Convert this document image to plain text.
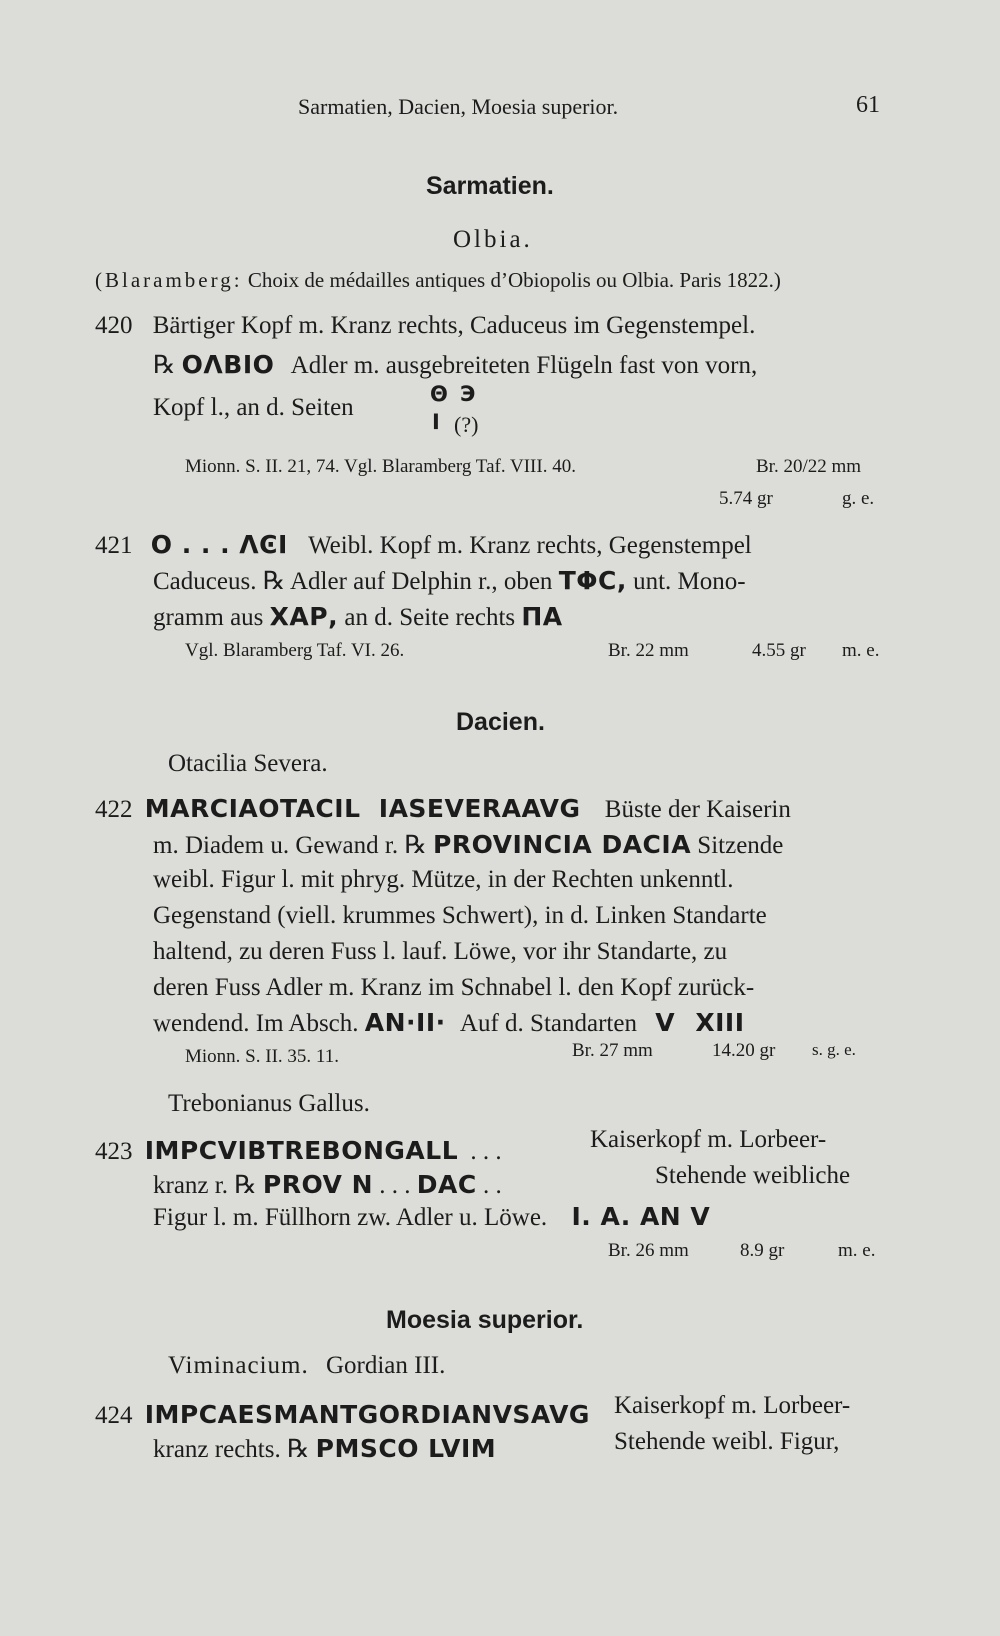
Sarmatien, Dacien, Moesia superior.	61
Sarmatien.
Olbia.
(Blaramberg: Choix de médailles antiques d’Obiopolis ou Olbia. Paris 1822.)
420 Bärtiger Kopf m. Kranz rechts, Caduceus im Gegenstempel.
℞ ΟΛΒΙΟ Adler m. ausgebreiteten Flügeln fast von vorn,
Kopf l., an d. Seiten	Θ Э
Ι (?)
Mionn. S. II. 21, 74. Vgl. Blaramberg Taf. VIII. 40.	Br. 20/22 mm
5.74 gr	g. e.
421 Ο . . . ΛϾΙ Weibl. Kopf m. Kranz rechts, Gegenstempel
Caduceus. ℞ Adler auf Delphin r., oben ΤΦϹ, unt. Mono-
gramm aus ΧΑΡ, an d. Seite rechts ΠΑ
Vgl. Blaramberg Taf. VI. 26.	Br. 22 mm	4.55 gr m. e.
Dacien.
Otacilia Severa.
422 MARCIAOTACIL IASEVERAAVG Büste der Kaiserin
m. Diadem u. Gewand r. ℞ PROVINCIA DACIA Sitzende
weibl. Figur l. mit phryg. Mütze, in der Rechten unkenntl.
Gegenstand (viell. krummes Schwert), in d. Linken Standarte
haltend, zu deren Fuss l. lauf. Löwe, vor ihr Standarte, zu
deren Fuss Adler m. Kranz im Schnabel l. den Kopf zurück-
wendend. Im Absch. AN·II· Auf d. Standarten V XIII
Mionn. S. II. 35. 11.	Br. 27 mm	14.20 gr s. g. e.
Trebonianus Gallus.
423 IMPCVIBTREBONGALL . . .	Kaiserkopf m. Lorbeer-
kranz r. ℞ PROV N . . . DAC . .	Stehende weibliche
Figur l. m. Füllhorn zw. Adler u. Löwe. I. A. AN V
Br. 26 mm	8.9 gr	m. e.
Moesia superior.
Viminacium. Gordian III.
424 IMPCAESMANTGORDIANVSAVG Kaiserkopf m. Lorbeer-
kranz rechts. ℞ PMSCO LVIM	Stehende weibl. Figur,
